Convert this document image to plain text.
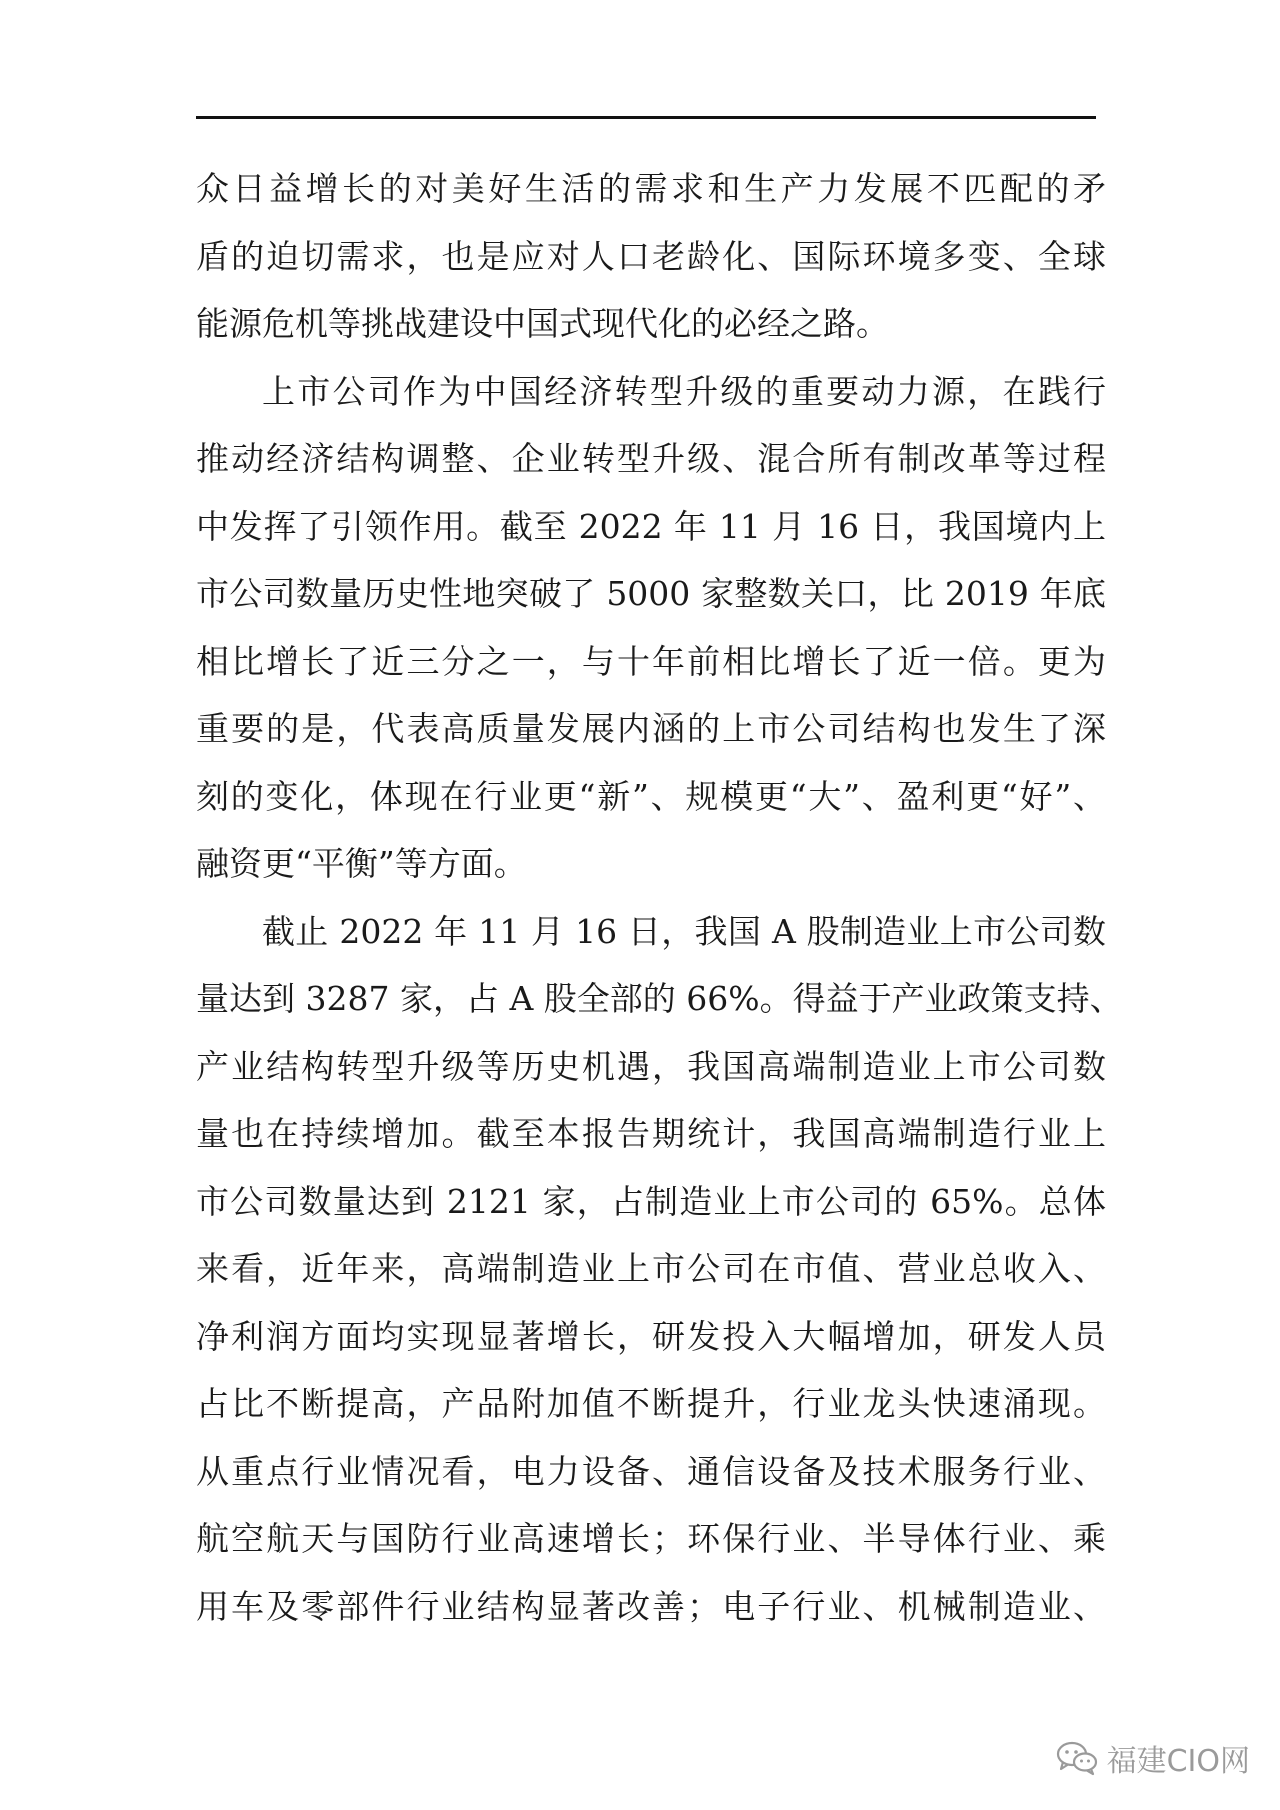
众日益增长的对美好生活的需求和生产力发展不匹配的矛
盾的迫切需求，也是应对人口老龄化、国际环境多变、全球
能源危机等挑战建设中国式现代化的必经之路。
上市公司作为中国经济转型升级的重要动力源，在践行
推动经济结构调整、企业转型升级、混合所有制改革等过程
中发挥了引领作用。截至 2022 年 11 月 16 日，我国境内上
市公司数量历史性地突破了 5000 家整数关口，比 2019 年底
相比增长了近三分之一，与十年前相比增长了近一倍。更为
重要的是，代表高质量发展内涵的上市公司结构也发生了深
刻的变化，体现在行业更“新”、规模更“大”、盈利更“好”、
融资更“平衡”等方面。
截止 2022 年 11 月 16 日，我国 A 股制造业上市公司数
量达到 3287 家，占 A 股全部的 66%。得益于产业政策支持、
产业结构转型升级等历史机遇，我国高端制造业上市公司数
量也在持续增加。截至本报告期统计，我国高端制造行业上
市公司数量达到 2121 家，占制造业上市公司的 65%。总体
来看，近年来，高端制造业上市公司在市值、营业总收入、
净利润方面均实现显著增长，研发投入大幅增加，研发人员
占比不断提高，产品附加值不断提升，行业龙头快速涌现。
从重点行业情况看，电力设备、通信设备及技术服务行业、
航空航天与国防行业高速增长；环保行业、半导体行业、乘
用车及零部件行业结构显著改善；电子行业、机械制造业、
福建CIO网
